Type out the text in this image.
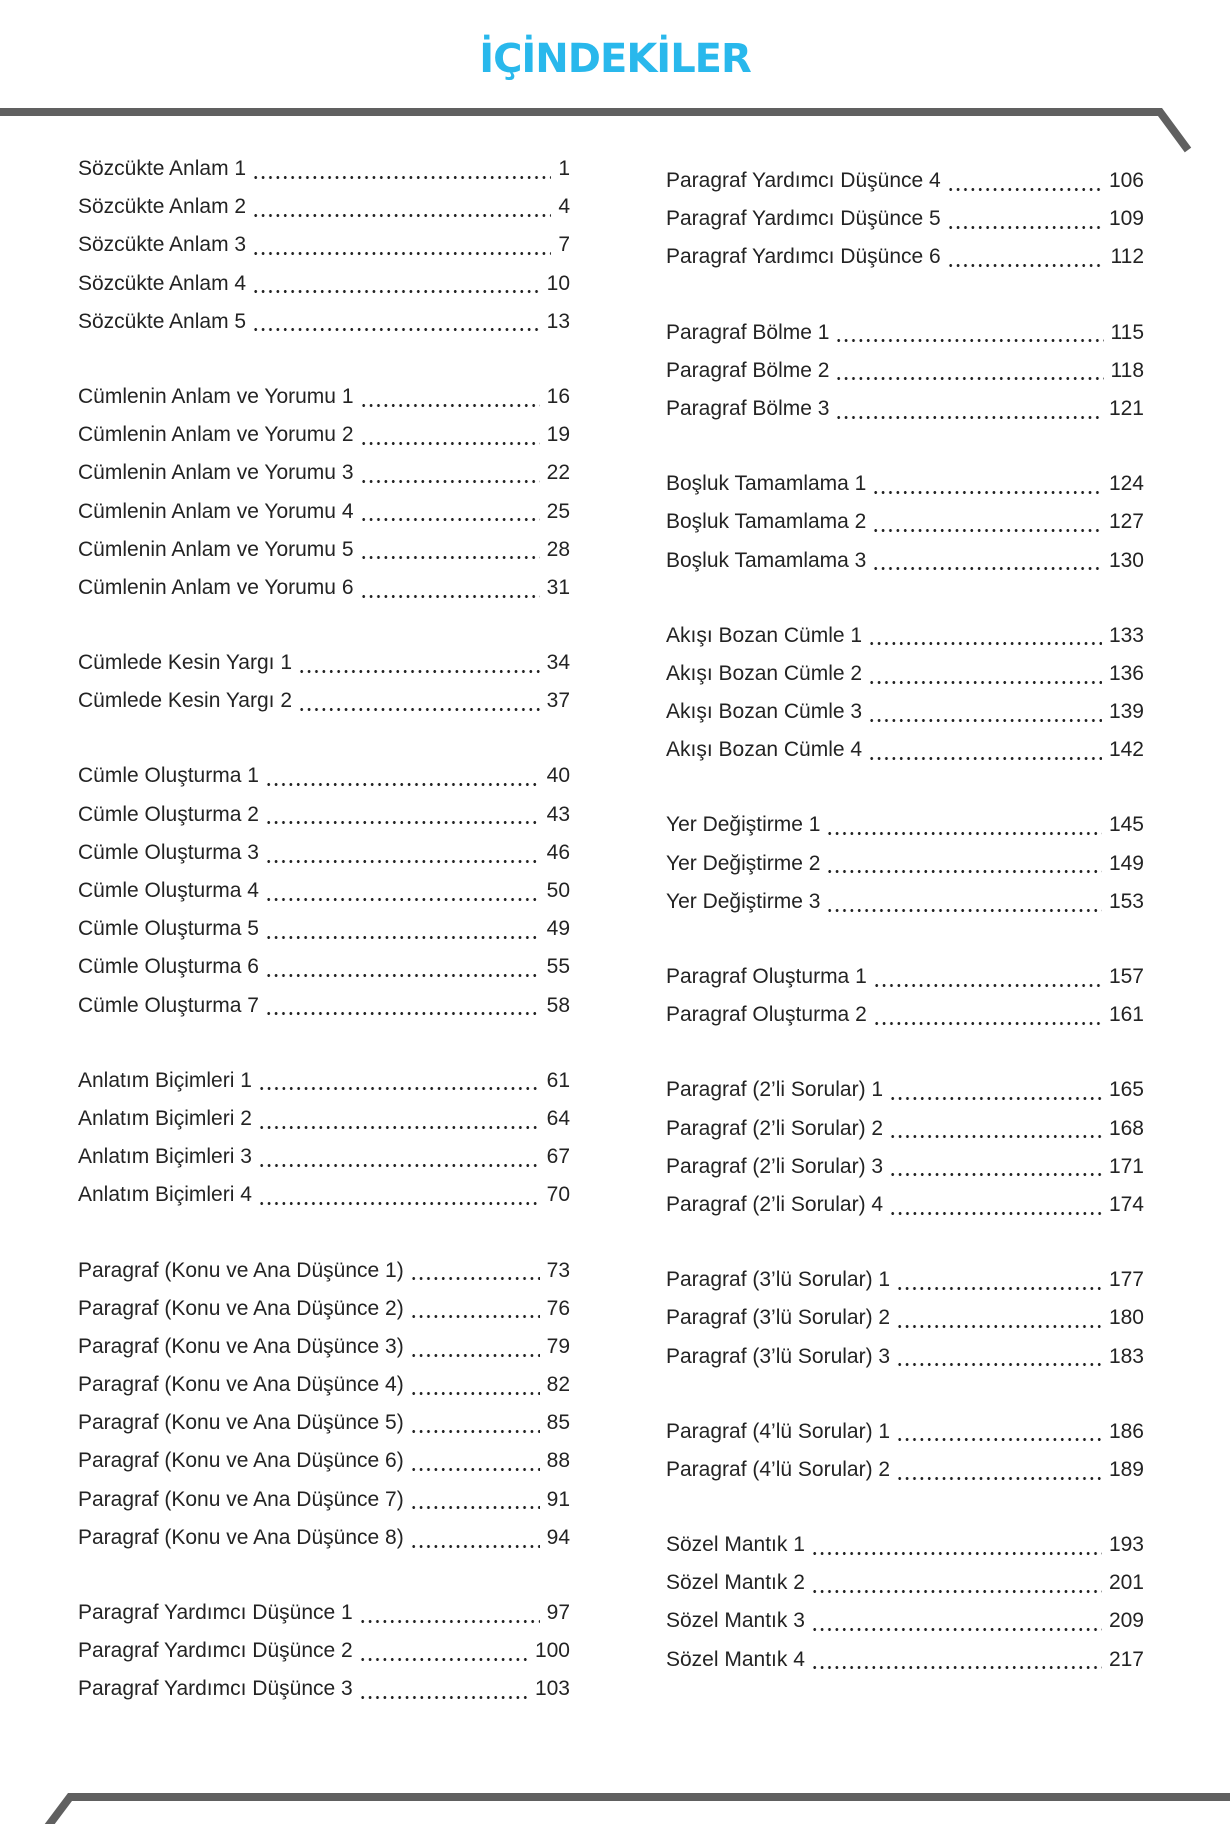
İÇİNDEKİLER
Sözcükte Anlam 1	1
Sözcükte Anlam 2	4
Sözcükte Anlam 3	7
Sözcükte Anlam 4	10
Sözcükte Anlam 5	13
Cümlenin Anlam ve Yorumu 1	16
Cümlenin Anlam ve Yorumu 2	19
Cümlenin Anlam ve Yorumu 3	22
Cümlenin Anlam ve Yorumu 4	25
Cümlenin Anlam ve Yorumu 5	28
Cümlenin Anlam ve Yorumu 6	31
Cümlede Kesin Yargı 1	34
Cümlede Kesin Yargı 2	37
Cümle Oluşturma 1	40
Cümle Oluşturma 2	43
Cümle Oluşturma 3	46
Cümle Oluşturma 4	50
Cümle Oluşturma 5	49
Cümle Oluşturma 6	55
Cümle Oluşturma 7	58
Anlatım Biçimleri 1	61
Anlatım Biçimleri 2	64
Anlatım Biçimleri 3	67
Anlatım Biçimleri 4	70
Paragraf (Konu ve Ana Düşünce 1)	73
Paragraf (Konu ve Ana Düşünce 2)	76
Paragraf (Konu ve Ana Düşünce 3)	79
Paragraf (Konu ve Ana Düşünce 4)	82
Paragraf (Konu ve Ana Düşünce 5)	85
Paragraf (Konu ve Ana Düşünce 6)	88
Paragraf (Konu ve Ana Düşünce 7)	91
Paragraf (Konu ve Ana Düşünce 8)	94
Paragraf Yardımcı Düşünce 1	97
Paragraf Yardımcı Düşünce 2	100
Paragraf Yardımcı Düşünce 3	103
Paragraf Yardımcı Düşünce 4	106
Paragraf Yardımcı Düşünce 5	109
Paragraf Yardımcı Düşünce 6	112
Paragraf Bölme 1	115
Paragraf Bölme 2	118
Paragraf Bölme 3	121
Boşluk Tamamlama 1	124
Boşluk Tamamlama 2	127
Boşluk Tamamlama 3	130
Akışı Bozan Cümle 1	133
Akışı Bozan Cümle 2	136
Akışı Bozan Cümle 3	139
Akışı Bozan Cümle 4	142
Yer Değiştirme 1	145
Yer Değiştirme 2	149
Yer Değiştirme 3	153
Paragraf Oluşturma 1	157
Paragraf Oluşturma 2	161
Paragraf (2’li Sorular) 1	165
Paragraf (2’li Sorular) 2	168
Paragraf (2’li Sorular) 3	171
Paragraf (2’li Sorular) 4	174
Paragraf (3’lü Sorular) 1	177
Paragraf (3’lü Sorular) 2	180
Paragraf (3’lü Sorular) 3	183
Paragraf (4’lü Sorular) 1	186
Paragraf (4’lü Sorular) 2	189
Sözel Mantık 1	193
Sözel Mantık 2	201
Sözel Mantık 3	209
Sözel Mantık 4	217
